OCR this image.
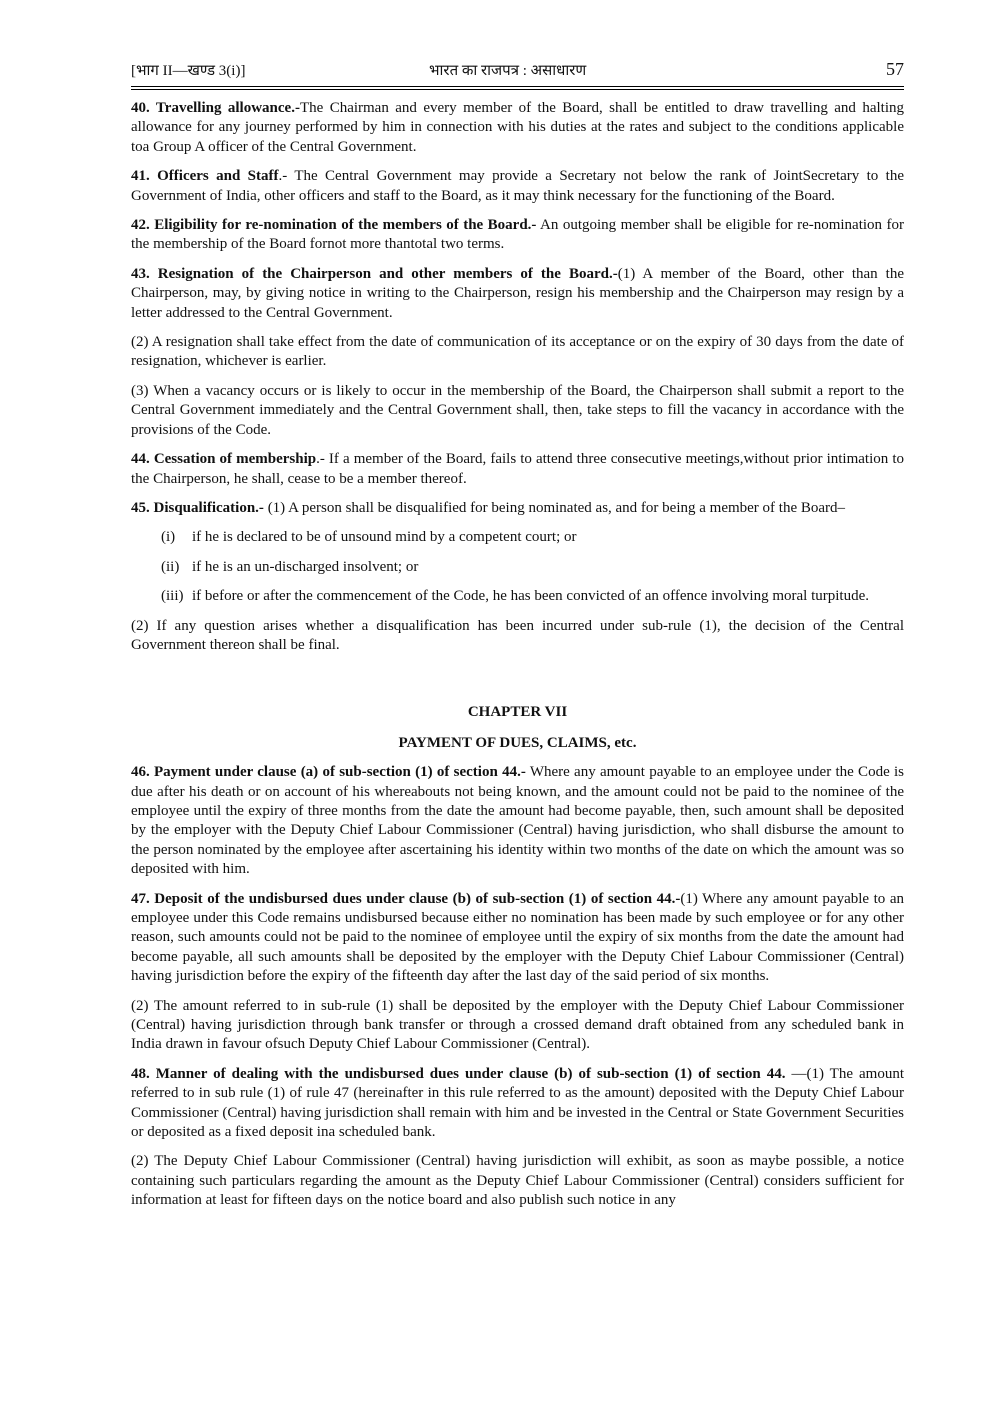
[भाग II—खण्ड 3(i)]	भारत का राजपत्र : असाधारण	57

40. Travelling allowance.-The Chairman and every member of the Board, shall be entitled to draw travelling and halting allowance for any journey performed by him in connection with his duties at the rates and subject to the conditions applicable toa Group A officer of the Central Government.

41. Officers and Staff.- The Central Government may provide a Secretary not below the rank of JointSecretary to the Government of India, other officers and staff to the Board, as it may think necessary for the functioning of the Board.

42. Eligibility for re-nomination of the members of the Board.- An outgoing member shall be eligible for re-nomination for the membership of the Board fornot more thantotal two terms.

43. Resignation of the Chairperson and other members of the Board.-(1) A member of the Board, other than the Chairperson, may, by giving notice in writing to the Chairperson, resign his membership and the Chairperson may resign by a letter addressed to the Central Government.

(2) A resignation shall take effect from the date of communication of its acceptance or on the expiry of 30 days from the date of resignation, whichever is earlier.

(3) When a vacancy occurs or is likely to occur in the membership of the Board, the Chairperson shall submit a report to the Central Government immediately and the Central Government shall, then, take steps to fill the vacancy in accordance with the provisions of the Code.

44. Cessation of membership.- If a member of the Board, fails to attend three consecutive meetings,without prior intimation to the Chairperson, he shall, cease to be a member thereof.

45. Disqualification.- (1) A person shall be disqualified for being nominated as, and for being a member of the Board–

(i) if he is declared to be of unsound mind by a competent court; or
(ii) if he is an un-discharged insolvent; or
(iii) if before or after the commencement of the Code, he has been convicted of an offence involving moral turpitude.

(2) If any question arises whether a disqualification has been incurred under sub-rule (1), the decision of the Central Government thereon shall be final.

CHAPTER VII

PAYMENT OF DUES, CLAIMS, etc.

46. Payment under clause (a) of sub-section (1) of section 44.- Where any amount payable to an employee under the Code is due after his death or on account of his whereabouts not being known, and the amount could not be paid to the nominee of the employee until the expiry of three months from the date the amount had become payable, then, such amount shall be deposited by the employer with the Deputy Chief Labour Commissioner (Central) having jurisdiction, who shall disburse the amount to the person nominated by the employee after ascertaining his identity within two months of the date on which the amount was so deposited with him.

47. Deposit of the undisbursed dues under clause (b) of sub-section (1) of section 44.-(1) Where any amount payable to an employee under this Code remains undisbursed because either no nomination has been made by such employee or for any other reason, such amounts could not be paid to the nominee of employee until the expiry of six months from the date the amount had become payable, all such amounts shall be deposited by the employer with the Deputy Chief Labour Commissioner (Central) having jurisdiction before the expiry of the fifteenth day after the last day of the said period of six months.

(2) The amount referred to in sub-rule (1) shall be deposited by the employer with the Deputy Chief Labour Commissioner (Central) having jurisdiction through bank transfer or through a crossed demand draft obtained from any scheduled bank in India drawn in favour ofsuch Deputy Chief Labour Commissioner (Central).

48. Manner of dealing with the undisbursed dues under clause (b) of sub-section (1) of section 44. —(1) The amount referred to in sub rule (1) of rule 47 (hereinafter in this rule referred to as the amount) deposited with the Deputy Chief Labour Commissioner (Central) having jurisdiction shall remain with him and be invested in the Central or State Government Securities or deposited as a fixed deposit ina scheduled bank.

(2) The Deputy Chief Labour Commissioner (Central) having jurisdiction will exhibit, as soon as maybe possible, a notice containing such particulars regarding the amount as the Deputy Chief Labour Commissioner (Central) considers sufficient for information at least for fifteen days on the notice board and also publish such notice in any
